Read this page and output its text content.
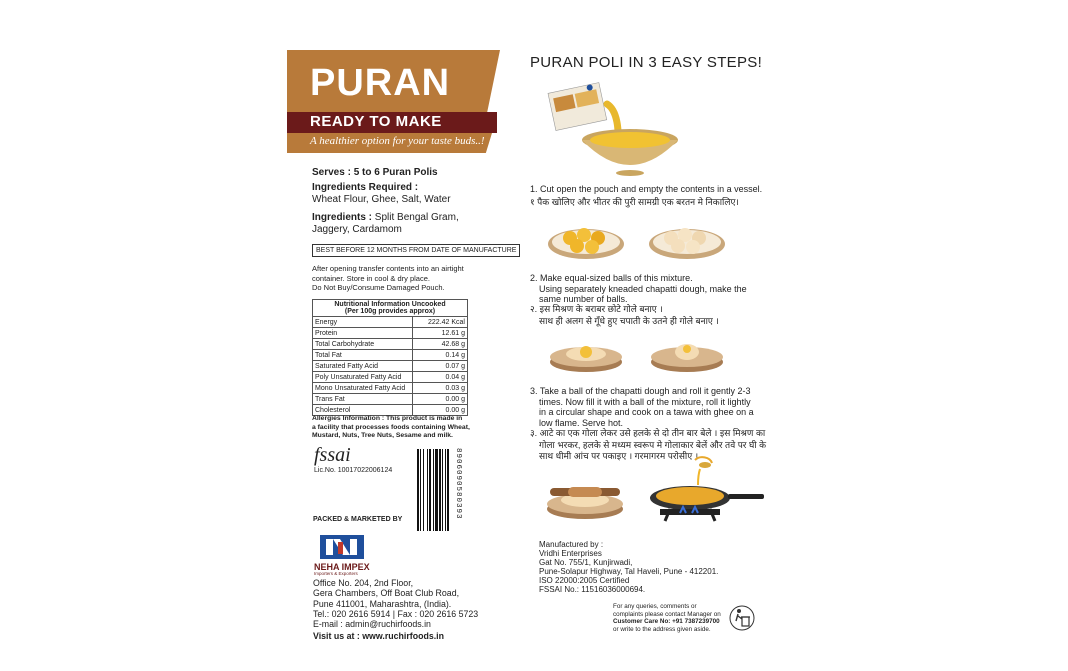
PURAN
READY TO MAKE
A healthier option for your taste buds..!
Serves : 5 to 6 Puran Polis
Ingredients Required :
Wheat Flour, Ghee, Salt, Water
Ingredients : Split Bengal Gram,
Jaggery, Cardamom
BEST BEFORE 12 MONTHS FROM DATE OF MANUFACTURE
After opening transfer contents into an airtight
container. Store in cool & dry place.
Do Not Buy/Consume Damaged Pouch.
Nutritional Information Uncooked
(Per 100g provides approx)	

Energy	222.42 Kcal
Protein	12.61 g
Total Carbohydrate	42.68 g
Total Fat	0.14 g
Saturated Fatty Acid	0.07 g
Poly Unsaturated Fatty Acid	0.04 g
Mono Unsaturated Fatty Acid	0.03 g
Trans Fat	0.00 g
Cholesterol	0.00 g
Allergies Information : This product is made in
a facility that processes foods containing Wheat,
Mustard, Nuts, Tree Nuts, Sesame and milk.
fssai
Lic.No. 10017022006124	8906090580393
PACKED & MARKETED BY
NEHA IMPEX
Importers & Exporters
Office No. 204, 2nd Floor,
Gera Chambers, Off Boat Club Road,
Pune 411001, Maharashtra, (India).
Tel.: 020 2616 5914 | Fax : 020 2616 5723
E-mail : admin@ruchirfoods.in
Visit us at : www.ruchirfoods.in
PURAN POLI IN 3 EASY STEPS!
1. Cut open the pouch and empty the contents in a vessel.
१ पैक खोलिए और भीतर की पुरी सामग्री एक बरतन मे निकालिए।
2. Make equal-sized balls of this mixture.
Using separately kneaded chapatti dough, make the
same number of balls.
२. इस मिश्रण के बराबर छोटे गोले बनाए ।
साथ ही अलग से गूँधे हुए चपाती के उतने ही गोले बनाए ।
3. Take a ball of the chapatti dough and roll it gently 2-3
times. Now fill it with a ball of the mixture, roll it lightly
in a circular shape and cook on a tawa with ghee on a
low flame. Serve hot.
३. आटे का एक गोला लेकर उसे हलके से दो तीन बार बेले । इस मिश्रण का
गोला भरकर, हलके से मध्यम स्वरूप मे गोलाकार बेलें और तवे पर घी के
साथ धीमी आंच पर पकाइए । गरमागरम परोसीए ।
Manufactured by :
Vridhi Enterprises
Gat No. 755/1, Kunjirwadi,
Pune-Solapur Highway, Tal Haveli, Pune - 412201.
ISO 22000:2005 Certified
FSSAI No.: 11516036000694.
For any queries, comments or
complaints please contact Manager on
Customer Care No: +91 7387239700
or write to the address given aside.
